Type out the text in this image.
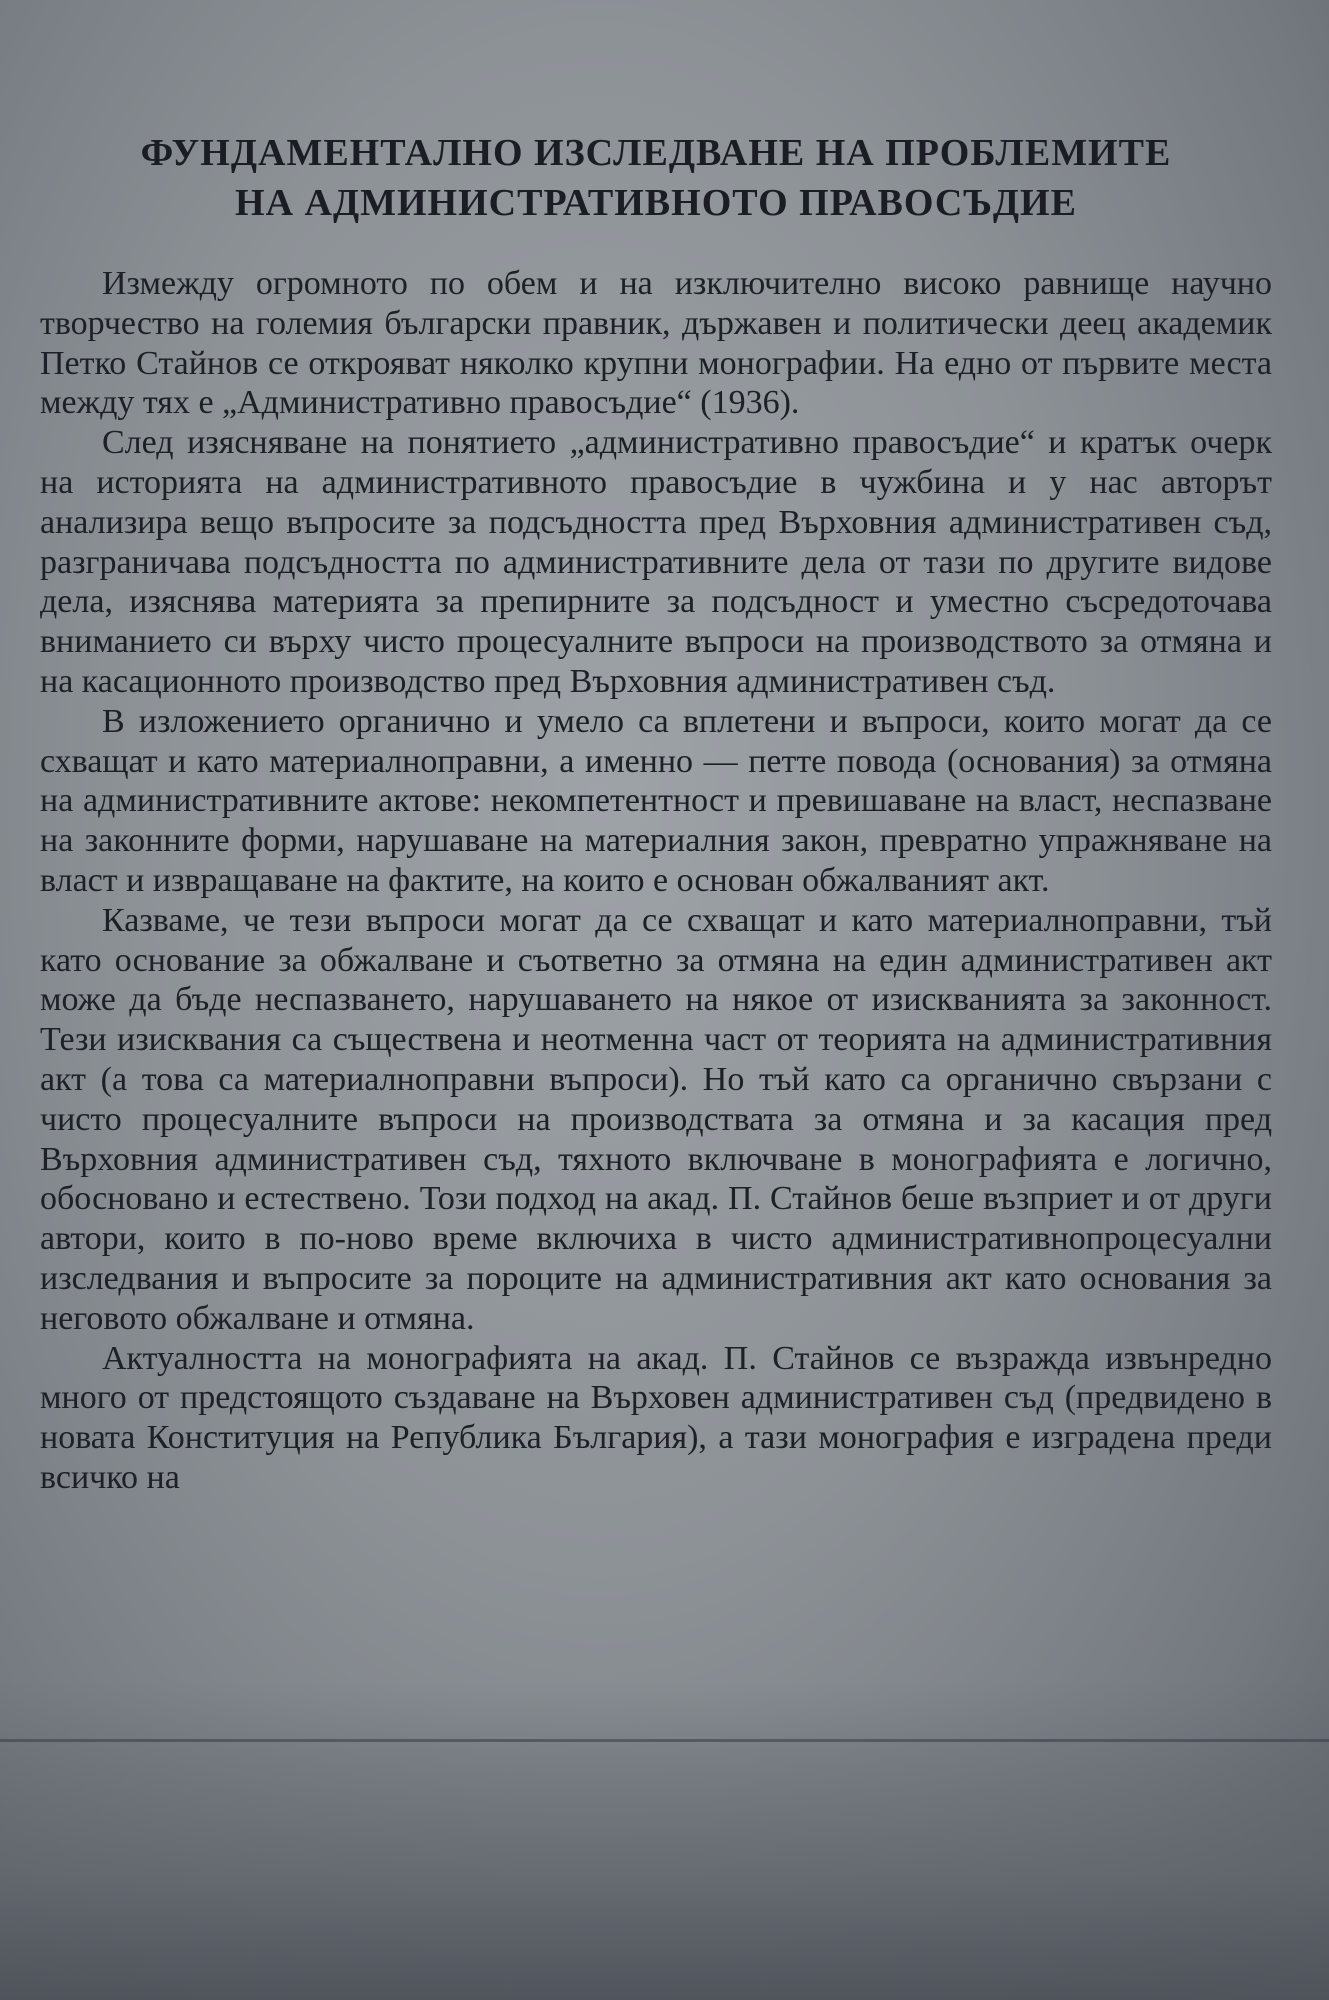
ФУНДАМЕНТАЛНО ИЗСЛЕДВАНЕ НА ПРОБЛЕМИТЕ
НА АДМИНИСТРАТИВНОТО ПРАВОСЪДИЕ

Измежду огромното по обем и на изключително високо равнище научно творчество на големия български правник, държавен и политически деец академик Петко Стайнов се открояват няколко крупни монографии. На едно от първите места между тях е „Административно правосъдие“ (1936).

След изясняване на понятието „административно правосъдие“ и кратък очерк на историята на административното правосъдие в чужбина и у нас авторът анализира вещо въпросите за подсъдността пред Върховния административен съд, разграничава подсъдността по административните дела от тази по другите видове дела, изяснява материята за препирните за подсъдност и уместно съсредоточава вниманието си върху чисто процесуалните въпроси на производството за отмяна и на касационното производство пред Върховния административен съд.

В изложението органично и умело са вплетени и въпроси, които могат да се схващат и като материалноправни, а именно — петте повода (основания) за отмяна на административните актове: некомпетентност и превишаване на власт, неспазване на законните форми, нарушаване на материалния закон, превратно упражняване на власт и извращаване на фактите, на които е основан обжалваният акт.

Казваме, че тези въпроси могат да се схващат и като материалноправни, тъй като основание за обжалване и съответно за отмяна на един административен акт може да бъде неспазването, нарушаването на някое от изискванията за законност. Тези изисквания са съществена и неотменна част от теорията на административния акт (а това са материалноправни въпроси). Но тъй като са органично свързани с чисто процесуалните въпроси на производствата за отмяна и за касация пред Върховния административен съд, тяхното включване в монографията е логично, обосновано и естествено. Този подход на акад. П. Стайнов беше възприет и от други автори, които в по-ново време включиха в чисто административнопроцесуални изследвания и въпросите за пороците на административния акт като основания за неговото обжалване и отмяна.

Актуалността на монографията на акад. П. Стайнов се възражда извънредно много от предстоящото създаване на Върховен административен съд (предвидено в новата Конституция на Република България), а тази монография е изградена преди всичко на
